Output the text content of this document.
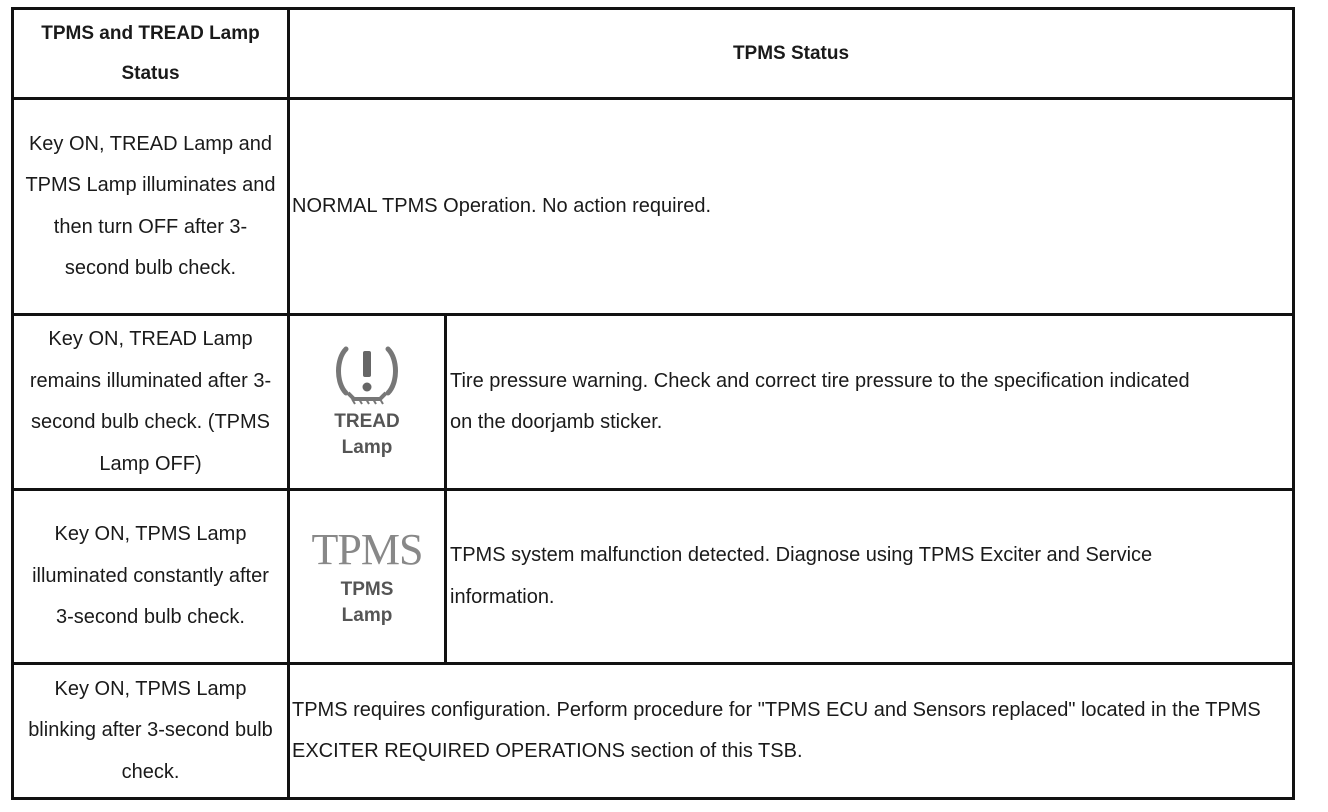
TPMS and TREAD Lamp Status
TPMS Status
Key ON, TREAD Lamp and TPMS Lamp illuminates and then turn OFF after 3-second bulb check.
NORMAL TPMS Operation. No action required.
Key ON, TREAD Lamp remains illuminated after 3-second bulb check. (TPMS Lamp OFF)
TREAD Lamp
Tire pressure warning. Check and correct tire pressure to the specification indicated on the doorjamb sticker.
Key ON, TPMS Lamp illuminated constantly after 3-second bulb check.
TPMS
TPMS Lamp
TPMS system malfunction detected. Diagnose using TPMS Exciter and Service information.
Key ON, TPMS Lamp blinking after 3-second bulb check.
TPMS requires configuration. Perform procedure for "TPMS ECU and Sensors replaced" located in the TPMS EXCITER REQUIRED OPERATIONS section of this TSB.
